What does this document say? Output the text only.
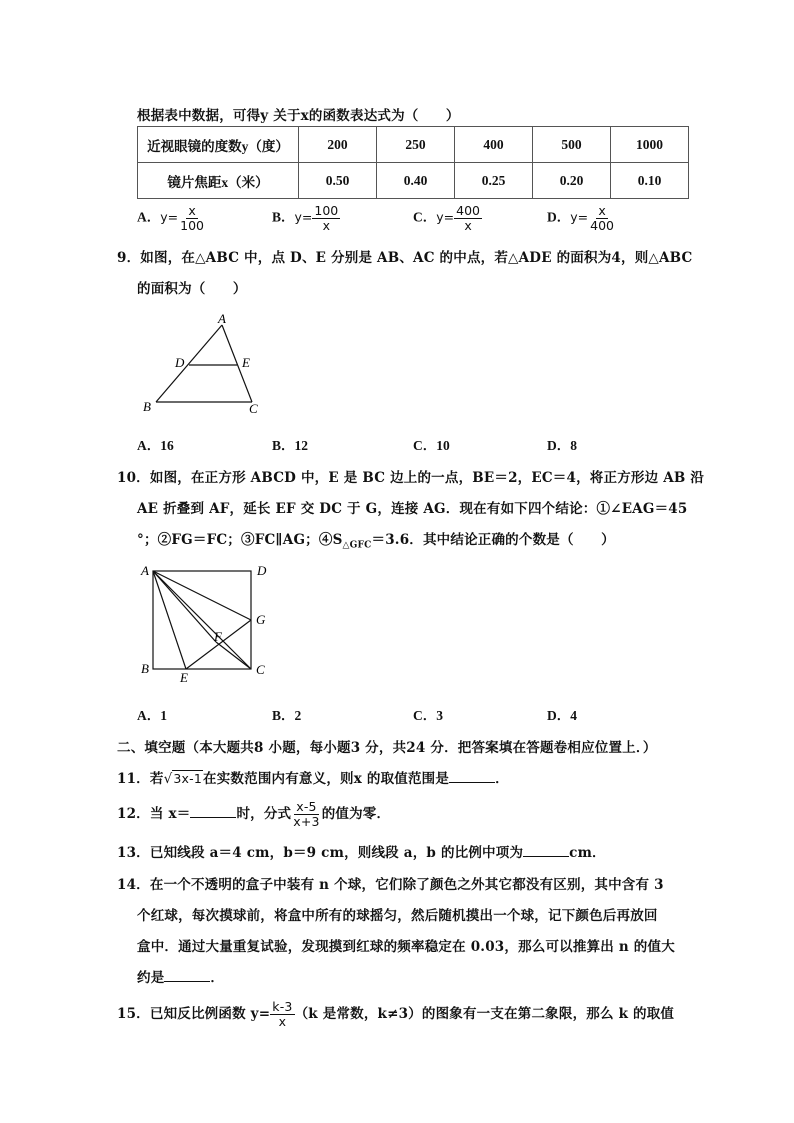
根据表中数据，可得y 关于x的函数表达式为（　　）
近视眼镜的度数y（度）	200	250	400	500	1000
镜片焦距x（米）	0.50	0.40	0.25	0.20	0.10
A．$y= \frac{x}{100}$	B．$y= \frac{100}{x}$	C．$y= \frac{400}{x}$	D．$y= \frac{x}{400}$
9．如图，在△ABC 中，点 D、E 分别是 AB、AC 的中点，若△ADE 的面积为4，则△ABC
的面积为（　　）
A
B	C
D	E
A．16	B．12	C．10	D．8
10．如图，在正方形 ABCD 中，E 是 BC 边上的一点，BE＝2，EC＝4，将正方形边 AB 沿
AE 折叠到 AF，延长 EF 交 DC 于 G，连接 AG．现在有如下四个结论：①∠EAG＝45
°；②FG＝FC；③FC∥AG；$④S_{\triangle GFC}=3.6$．其中结论正确的个数是（　　）
A	D
B	C
E
F
G
A．1	B．2	C．3	D．4
二、填空题（本大题共8 小题，每小题3 分，共24 分．把答案填在答题卷相应位置上．）
11．若√3x-1在实数范围内有意义，则x 的取值范围是	．
12．当 x＝	时，分式 $\frac{x-5}{x+3}$ 的值为零．
13．已知线段 a＝4 cm，b＝9 cm，则线段 a，b 的比例中项为	cm．
14．在一个不透明的盒子中装有 n 个球，它们除了颜色之外其它都没有区别，其中含有 3
个红球，每次摸球前，将盒中所有的球摇匀，然后随机摸出一个球，记下颜色后再放回
盒中．通过大量重复试验，发现摸到红球的频率稳定在 0.03，那么可以推算出 n 的值大
约是	．
15．已知反比例函数 $y= \frac{k-3}{x} (k$ 是常数，k≠3）的图象有一支在第二象限，那么 k 的取值
